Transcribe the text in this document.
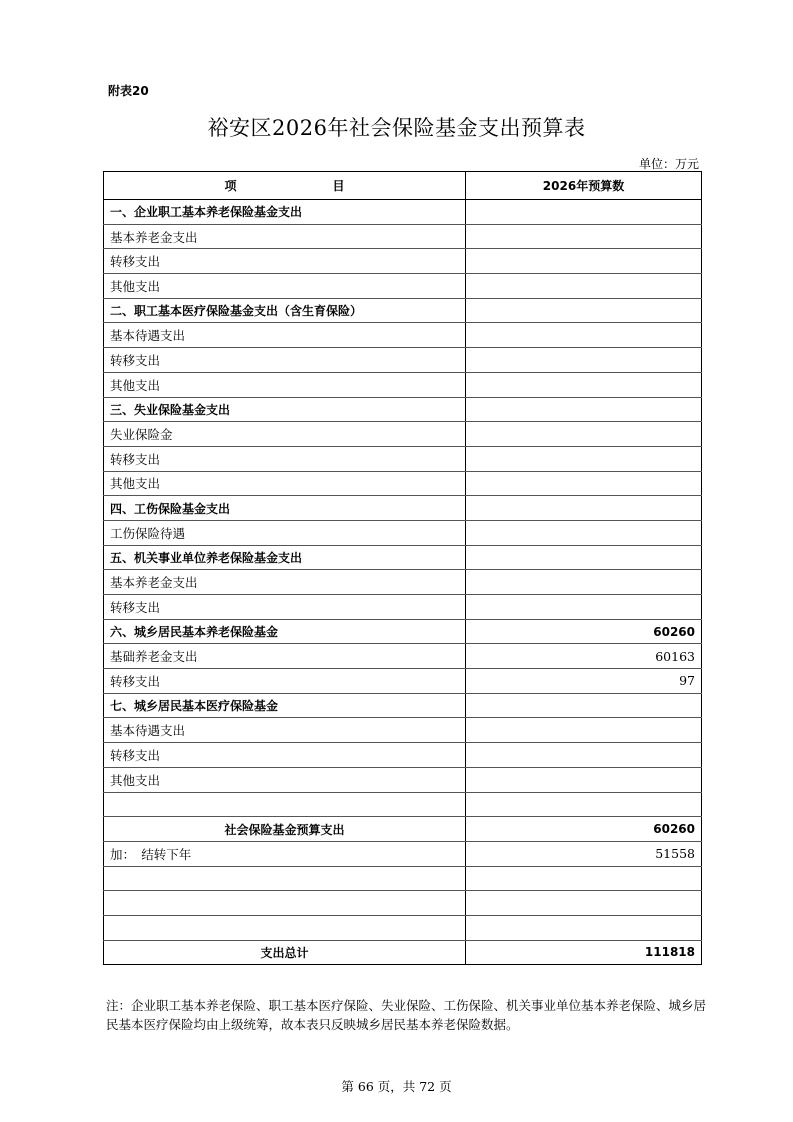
附表20
裕安区2026年社会保险基金支出预算表
单位：万元
项　　　　　　　　目	2026年预算数
一、企业职工基本养老保险基金支出	
基本养老金支出	
转移支出	
其他支出	
二、职工基本医疗保险基金支出（含生育保险）	
基本待遇支出	
转移支出	
其他支出	
三、失业保险基金支出	
失业保险金	
转移支出	
其他支出	
四、工伤保险基金支出	
工伤保险待遇	
五、机关事业单位养老保险基金支出	
基本养老金支出	
转移支出	
六、城乡居民基本养老保险基金	60260
基础养老金支出	60163
转移支出	97
七、城乡居民基本医疗保险基金	
基本待遇支出	
转移支出	
其他支出	

社会保险基金预算支出	60260
加：　结转下年	51558

支出总计	111818
注：企业职工基本养老保险、职工基本医疗保险、失业保险、工伤保险、机关事业单位基本养老保险、城乡居民基本医疗保险均由上级统筹，故本表只反映城乡居民基本养老保险数据。
第 66 页，共 72 页
